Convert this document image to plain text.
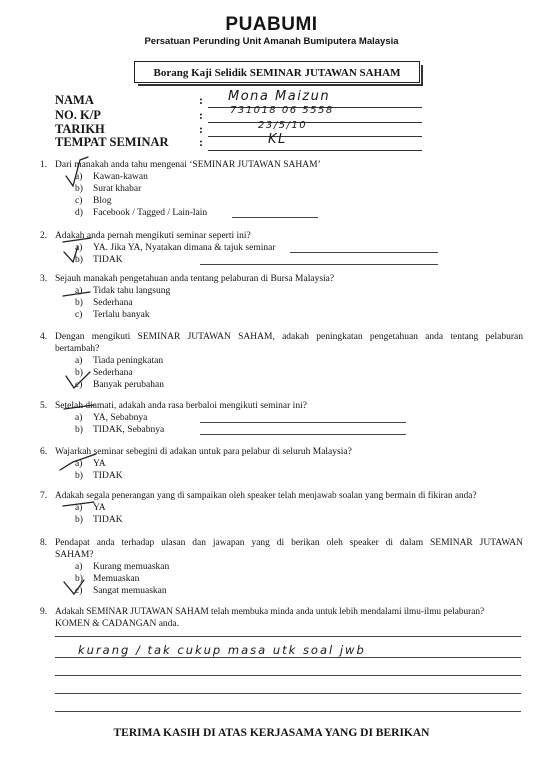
PUABUMI
Persatuan Perunding Unit Amanah Bumiputera Malaysia
Borang Kaji Selidik SEMINAR JUTAWAN SAHAM
NAMA	: Mona Maizun
NO. K/P	:	731018 06 5558
TARIKH	:	23/5/10
TEMPAT SEMINAR	:	KL
1. Dari manakah anda tahu mengenai ‘SEMINAR JUTAWAN SAHAM’
a) Kawan-kawan
b) Surat khabar
c) Blog
d) Facebook / Tagged / Lain-lain
2. Adakah anda pernah mengikuti seminar seperti ini?
a) YA. Jika YA, Nyatakan dimana & tajuk seminar
b) TIDAK
3. Sejauh manakah pengetahuan anda tentang pelaburan di Bursa Malaysia?
a) Tidak tahu langsung
b) Sederhana
c) Terlalu banyak
4. Dengan mengikuti SEMINAR JUTAWAN SAHAM, adakah peningkatan pengetahuan anda tentang pelaburan
bertambah?
a) Tiada peningkatan
b) Sederhana
c) Banyak perubahan
5. Setelah diamati, adakah anda rasa berbaloi mengikuti seminar ini?
a) YA, Sebabnya
b) TIDAK, Sebabnya
6. Wajarkah seminar sebegini di adakan untuk para pelabur di seluruh Malaysia?
a) YA
b) TIDAK
7. Adakah segala penerangan yang di sampaikan oleh speaker telah menjawab soalan yang bermain di fikiran anda?
a) YA
b) TIDAK
8. Pendapat anda terhadap ulasan dan jawapan yang di berikan oleh speaker di dalam SEMINAR JUTAWAN
SAHAM?
a) Kurang memuaskan
b) Memuaskan
c) Sangat memuaskan
9. Adakah SEMINAR JUTAWAN SAHAM telah membuka minda anda untuk lebih mendalami ilmu-ilmu pelaburan?
KOMEN & CADANGAN anda.
kurang / tak cukup masa utk soal jwb
TERIMA KASIH DI ATAS KERJASAMA YANG DI BERIKAN
